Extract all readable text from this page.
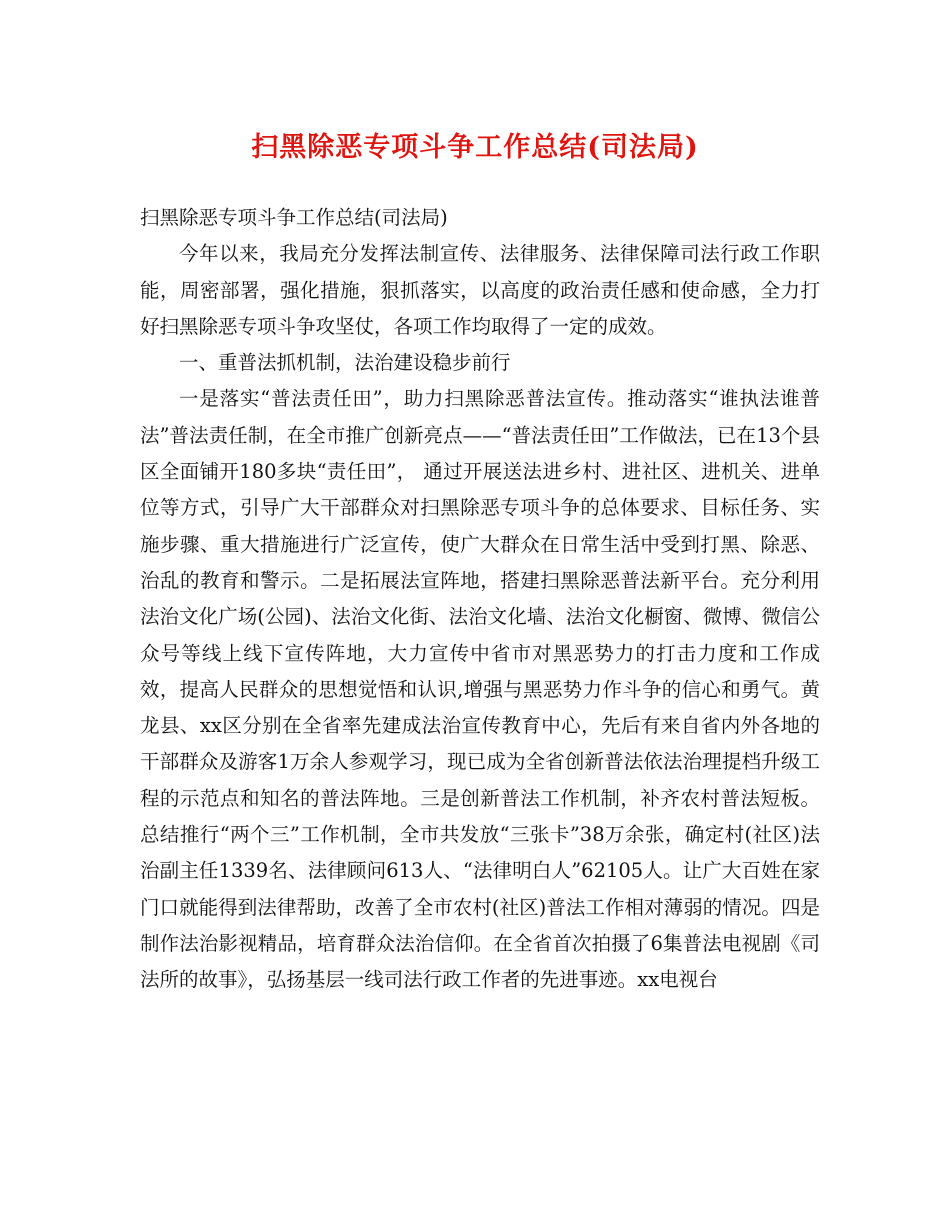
扫黑除恶专项斗争工作总结(司法局)

扫黑除恶专项斗争工作总结(司法局)

今年以来，我局充分发挥法制宣传、法律服务、法律保障司法行政工作职能，周密部署，强化措施，狠抓落实，以高度的政治责任感和使命感，全力打好扫黑除恶专项斗争攻坚仗，各项工作均取得了一定的成效。

一、重普法抓机制，法治建设稳步前行

一是落实“普法责任田”，助力扫黑除恶普法宣传。推动落实“谁执法谁普法”普法责任制，在全市推广创新亮点——“普法责任田”工作做法，已在13个县区全面铺开180多块“责任田”， 通过开展送法进乡村、进社区、进机关、进单位等方式，引导广大干部群众对扫黑除恶专项斗争的总体要求、目标任务、实施步骤、重大措施进行广泛宣传，使广大群众在日常生活中受到打黑、除恶、治乱的教育和警示。二是拓展法宣阵地，搭建扫黑除恶普法新平台。充分利用法治文化广场(公园)、法治文化街、法治文化墙、法治文化橱窗、微博、微信公众号等线上线下宣传阵地，大力宣传中省市对黑恶势力的打击力度和工作成效，提高人民群众的思想觉悟和认识,增强与黑恶势力作斗争的信心和勇气。黄龙县、xx区分别在全省率先建成法治宣传教育中心，先后有来自省内外各地的干部群众及游客1万余人参观学习，现已成为全省创新普法依法治理提档升级工程的示范点和知名的普法阵地。三是创新普法工作机制，补齐农村普法短板。总结推行“两个三”工作机制，全市共发放“三张卡”38万余张，确定村(社区)法治副主任1339名、法律顾问613人、“法律明白人”62105人。让广大百姓在家门口就能得到法律帮助，改善了全市农村(社区)普法工作相对薄弱的情况。四是制作法治影视精品，培育群众法治信仰。在全省首次拍摄了6集普法电视剧《司法所的故事》，弘扬基层一线司法行政工作者的先进事迹。xx电视台
